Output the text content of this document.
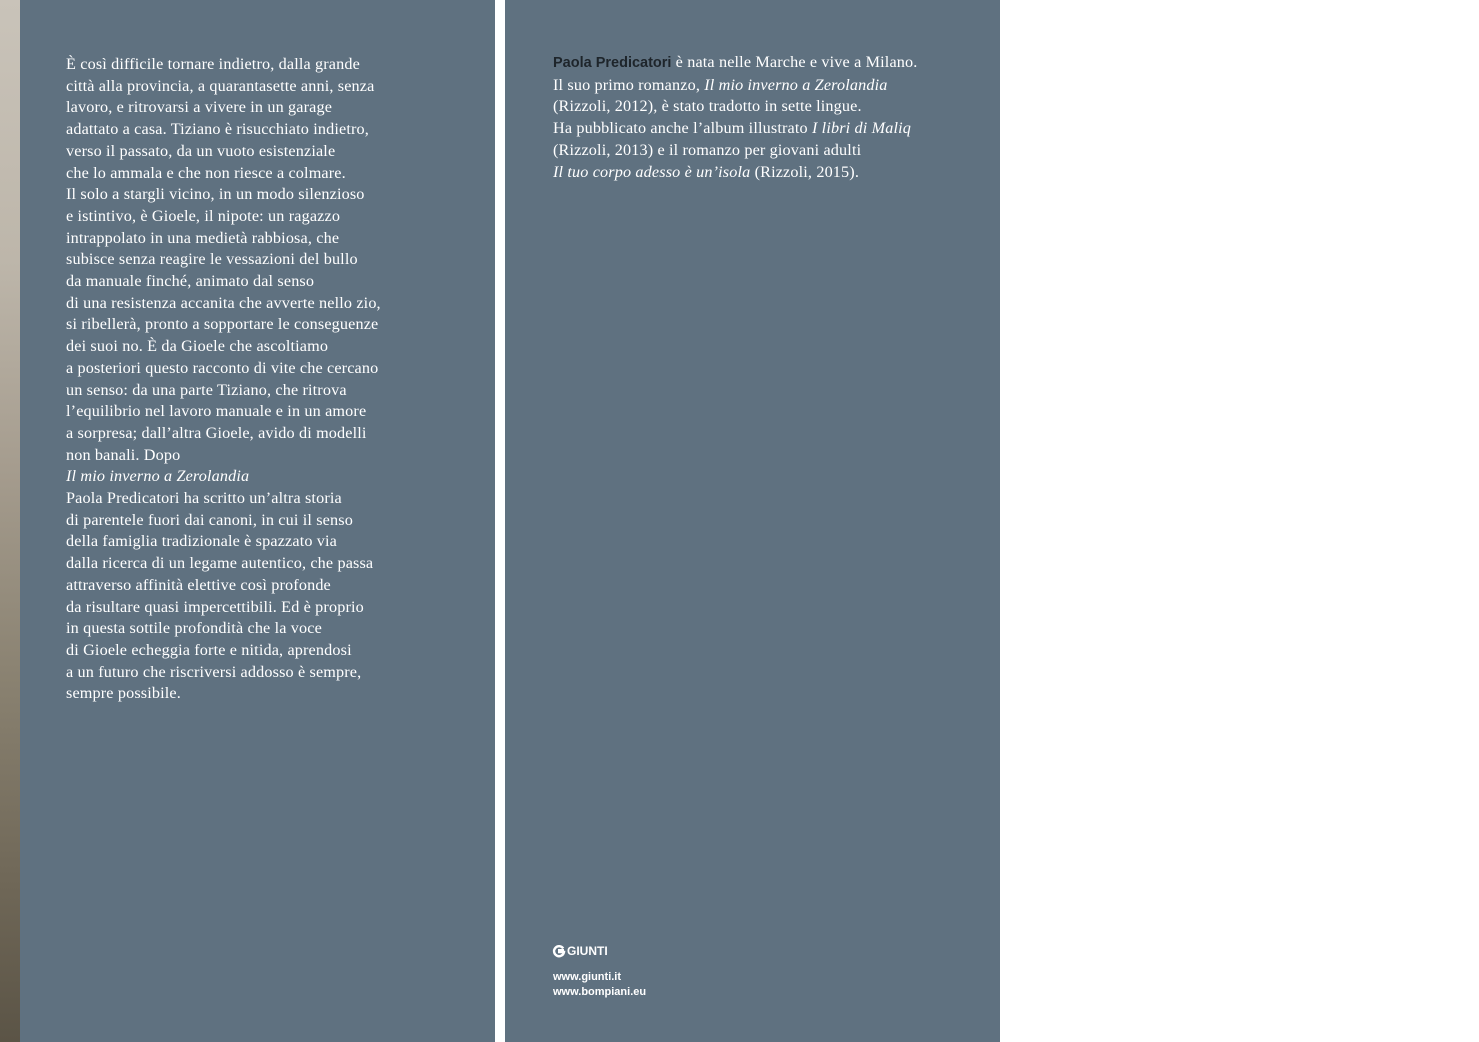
È così difficile tornare indietro, dalla grande
città alla provincia, a quarantasette anni, senza
lavoro, e ritrovarsi a vivere in un garage
adattato a casa. Tiziano è risucchiato indietro,
verso il passato, da un vuoto esistenziale
che lo ammala e che non riesce a colmare.
Il solo a stargli vicino, in un modo silenzioso
e istintivo, è Gioele, il nipote: un ragazzo
intrappolato in una medietà rabbiosa, che
subisce senza reagire le vessazioni del bullo
da manuale finché, animato dal senso
di una resistenza accanita che avverte nello zio,
si ribellerà, pronto a sopportare le conseguenze
dei suoi no. È da Gioele che ascoltiamo
a posteriori questo racconto di vite che cercano
un senso: da una parte Tiziano, che ritrova
l’equilibrio nel lavoro manuale e in un amore
a sorpresa; dall’altra Gioele, avido di modelli
non banali. Dopo
Il mio inverno a Zerolandia
Paola Predicatori ha scritto un’altra storia
di parentele fuori dai canoni, in cui il senso
della famiglia tradizionale è spazzato via
dalla ricerca di un legame autentico, che passa
attraverso affinità elettive così profonde
da risultare quasi impercettibili. Ed è proprio
in questa sottile profondità che la voce
di Gioele echeggia forte e nitida, aprendosi
a un futuro che riscriversi addosso è sempre,
sempre possibile.
Paola Predicatori è nata nelle Marche e vive a Milano.
Il suo primo romanzo, Il mio inverno a Zerolandia
(Rizzoli, 2012), è stato tradotto in sette lingue.
Ha pubblicato anche l’album illustrato I libri di Maliq
(Rizzoli, 2013) e il romanzo per giovani adulti
Il tuo corpo adesso è un’isola (Rizzoli, 2015).
GIUNTI
www.giunti.it
www.bompiani.eu	Fotografia di copertina: © TerraProject Photographers. Progetto grafico generale: Polystudio. Progetto grafico di copertina: Francesca Zucchi.
